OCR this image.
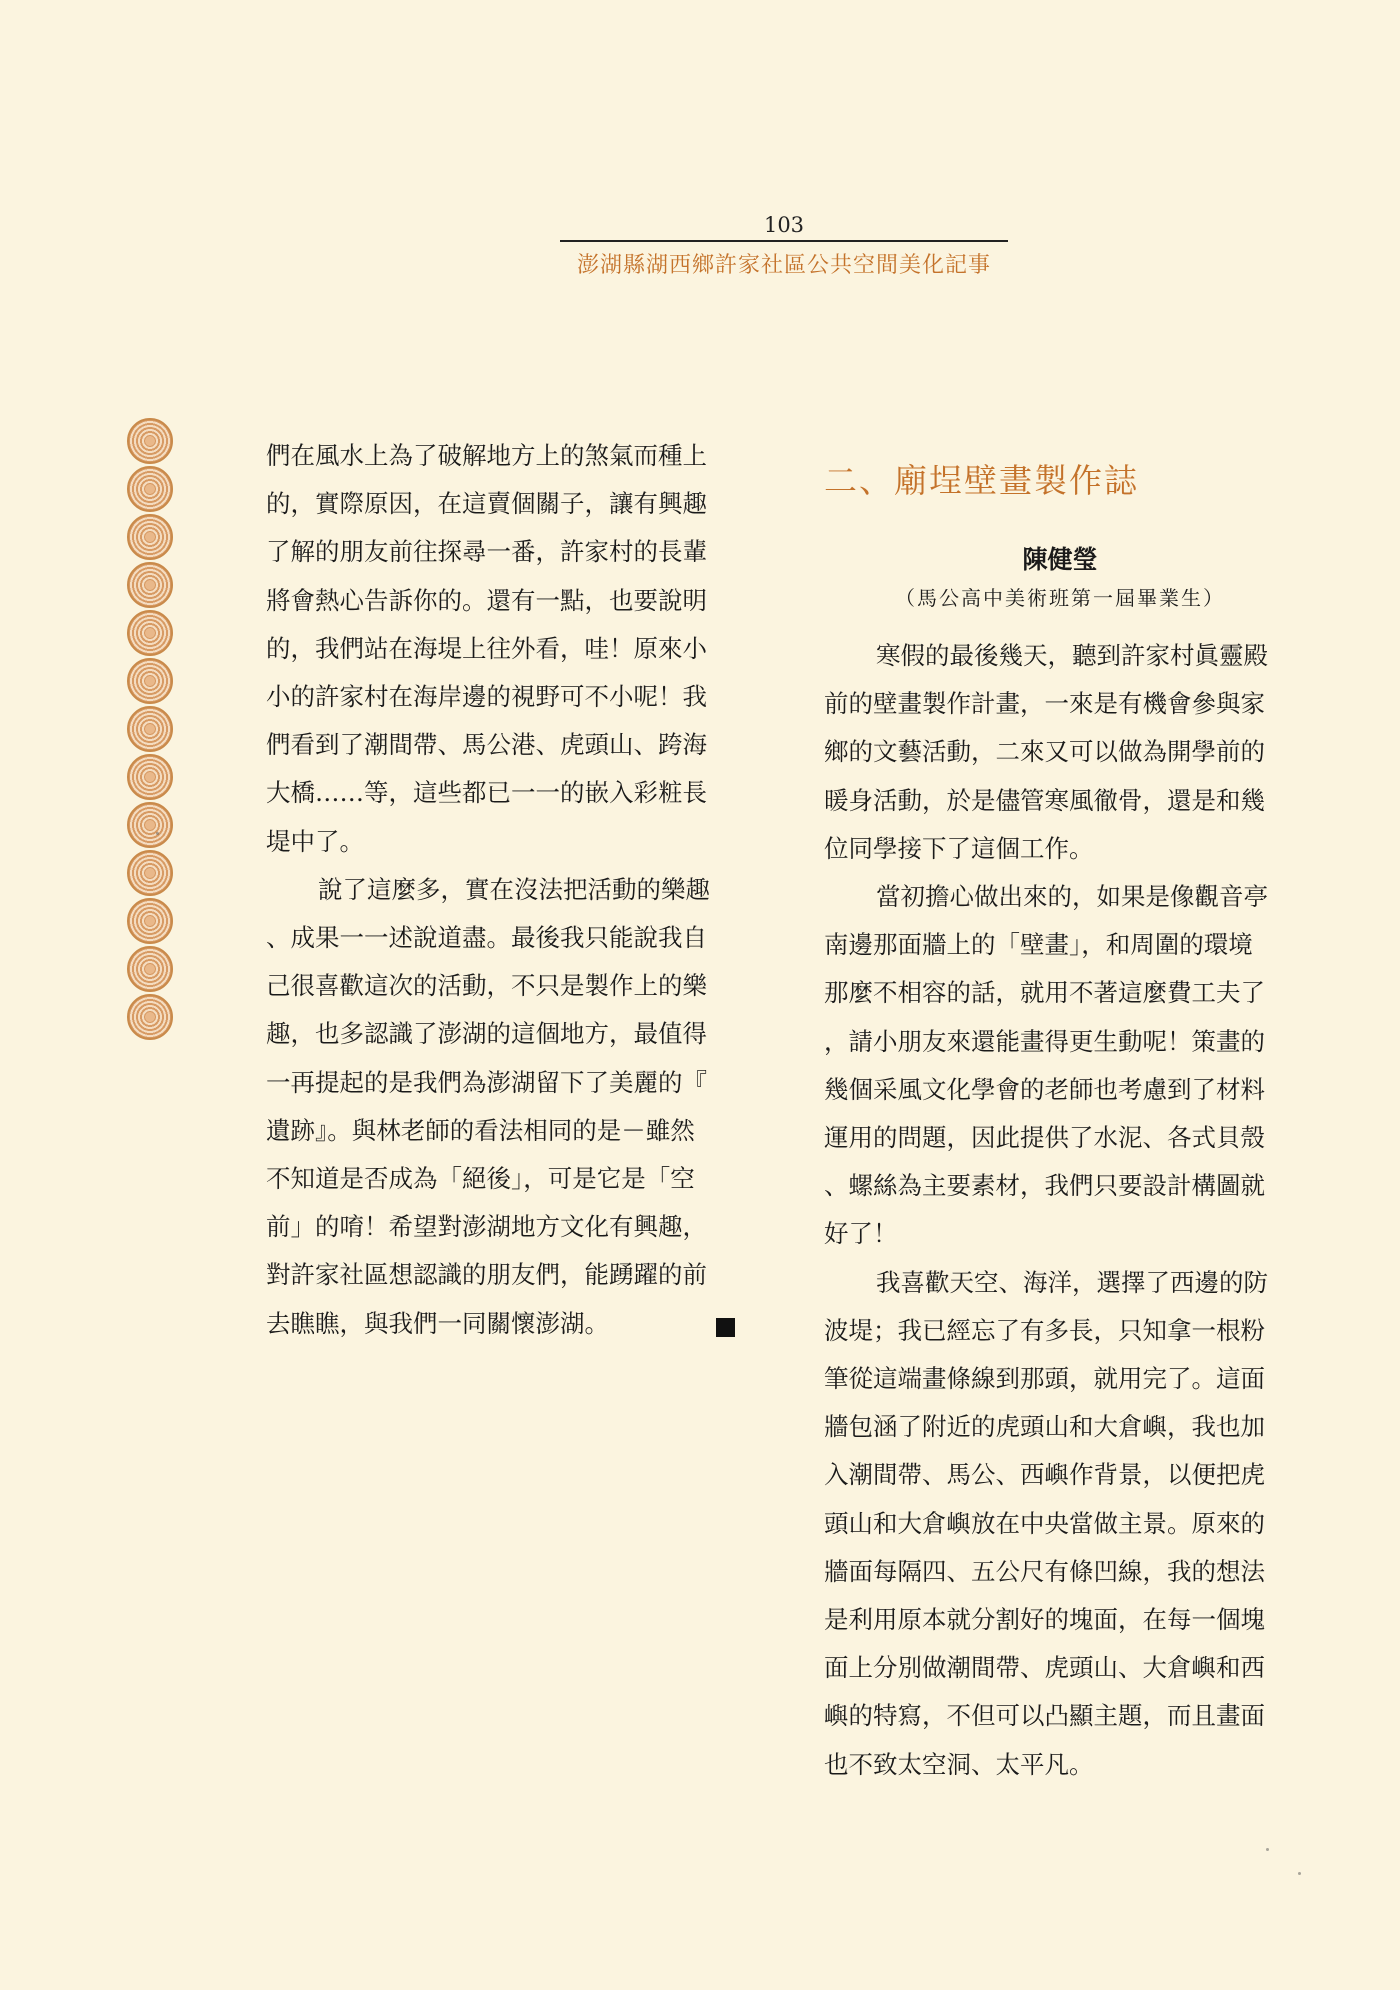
103
澎湖縣湖西鄉許家社區公共空間美化記事
們在風水上為了破解地方上的煞氣而種上
的，實際原因，在這賣個關子，讓有興趣
了解的朋友前往探尋一番，許家村的長輩
將會熱心告訴你的。還有一點，也要說明
的，我們站在海堤上往外看，哇！原來小
小的許家村在海岸邊的視野可不小呢！我
們看到了潮間帶、馬公港、虎頭山、跨海
大橋……等，這些都已一一的嵌入彩粧長
堤中了。
說了這麼多，實在沒法把活動的樂趣
、成果一一述說道盡。最後我只能說我自
己很喜歡這次的活動，不只是製作上的樂
趣，也多認識了澎湖的這個地方，最值得
一再提起的是我們為澎湖留下了美麗的『
遺跡』。與林老師的看法相同的是－雖然
不知道是否成為「絕後」，可是它是「空
前」的唷！希望對澎湖地方文化有興趣，
對許家社區想認識的朋友們，能踴躍的前
去瞧瞧，與我們一同關懷澎湖。
二、廟埕壁畫製作誌
陳健瑩
（馬公高中美術班第一屆畢業生）
寒假的最後幾天，聽到許家村眞靈殿
前的壁畫製作計畫，一來是有機會參與家
鄉的文藝活動，二來又可以做為開學前的
暖身活動，於是儘管寒風徹骨，還是和幾
位同學接下了這個工作。
當初擔心做出來的，如果是像觀音亭
南邊那面牆上的「壁畫」，和周圍的環境
那麼不相容的話，就用不著這麼費工夫了
，請小朋友來還能畫得更生動呢！策畫的
幾個采風文化學會的老師也考慮到了材料
運用的問題，因此提供了水泥、各式貝殼
、螺絲為主要素材，我們只要設計構圖就
好了！
我喜歡天空、海洋，選擇了西邊的防
波堤；我已經忘了有多長，只知拿一根粉
筆從這端畫條線到那頭，就用完了。這面
牆包涵了附近的虎頭山和大倉嶼，我也加
入潮間帶、馬公、西嶼作背景，以便把虎
頭山和大倉嶼放在中央當做主景。原來的
牆面每隔四、五公尺有條凹線，我的想法
是利用原本就分割好的塊面，在每一個塊
面上分別做潮間帶、虎頭山、大倉嶼和西
嶼的特寫，不但可以凸顯主題，而且畫面
也不致太空洞、太平凡。
